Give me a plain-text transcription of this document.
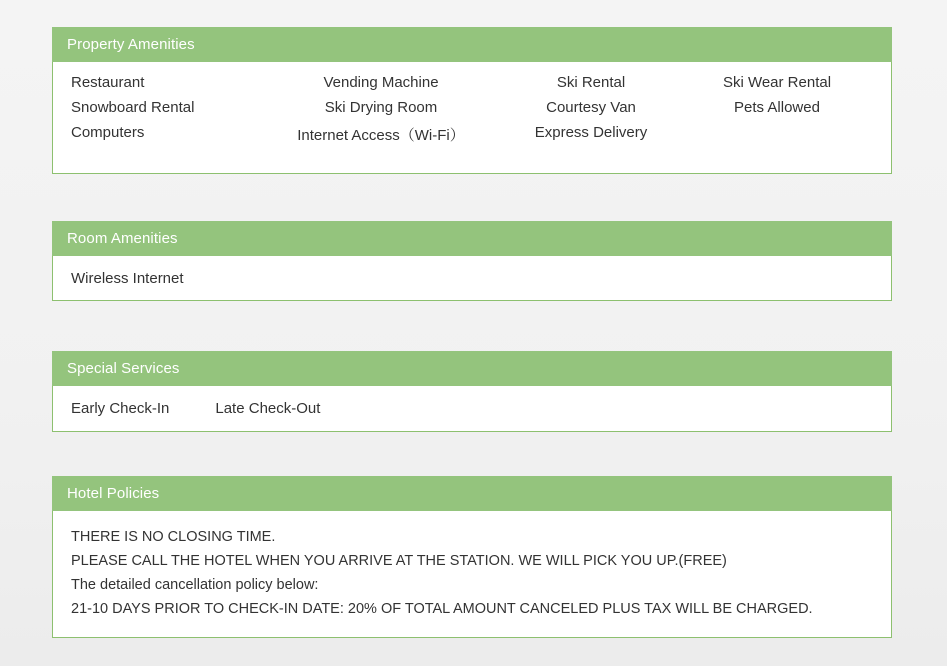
Property Amenities
Restaurant	Vending Machine	Ski Rental	Ski Wear Rental
Snowboard Rental	Ski Drying Room	Courtesy Van	Pets Allowed
Computers	Internet Access（Wi-Fi）	Express Delivery
Room Amenities
Wireless Internet
Special Services
Early Check-In	Late Check-Out
Hotel Policies
THERE IS NO CLOSING TIME.
PLEASE CALL THE HOTEL WHEN YOU ARRIVE AT THE STATION. WE WILL PICK YOU UP.(FREE)
The detailed cancellation policy below:
21-10 DAYS PRIOR TO CHECK-IN DATE: 20% OF TOTAL AMOUNT CANCELED PLUS TAX WILL BE CHARGED.
